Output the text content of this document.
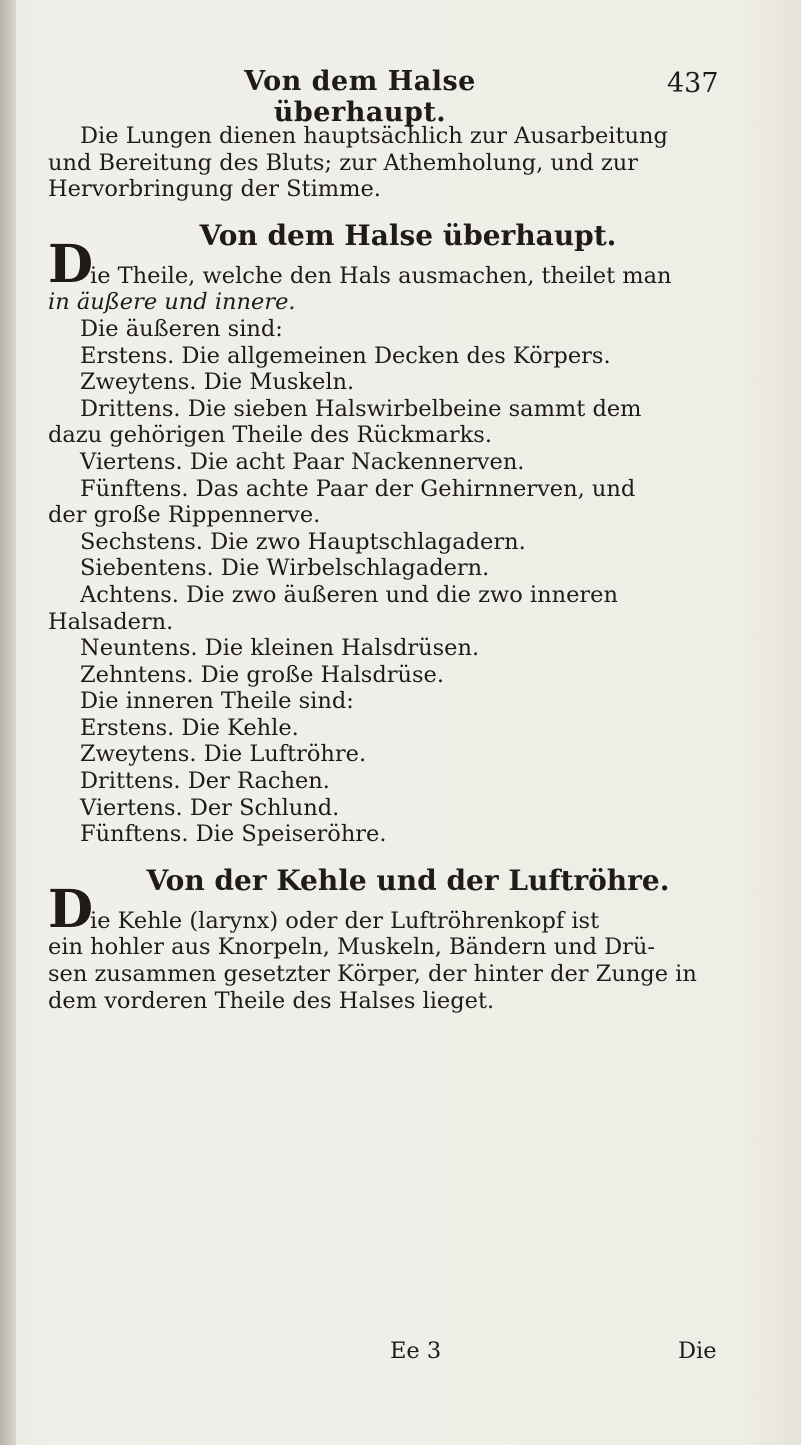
Von dem Halse überhaupt.
437
Die Lungen dienen hauptsächlich zur Ausarbeitung
und Bereitung des Bluts; zur Athemholung, und zur
Hervorbringung der Stimme.
Von dem Halse überhaupt.
D
ie Theile, welche den Hals ausmachen, theilet man
in äußere und innere.
Die äußeren sind:
Erstens. Die allgemeinen Decken des Körpers.
Zweytens. Die Muskeln.
Drittens. Die sieben Halswirbelbeine sammt dem
dazu gehörigen Theile des Rückmarks.
Viertens. Die acht Paar Nackennerven.
Fünftens. Das achte Paar der Gehirnnerven, und
der große Rippennerve.
Sechstens. Die zwo Hauptschlagadern.
Siebentens. Die Wirbelschlagadern.
Achtens. Die zwo äußeren und die zwo inneren
Halsadern.
Neuntens. Die kleinen Halsdrüsen.
Zehntens. Die große Halsdrüse.
Die inneren Theile sind:
Erstens. Die Kehle.
Zweytens. Die Luftröhre.
Drittens. Der Rachen.
Viertens. Der Schlund.
Fünftens. Die Speiseröhre.
Von der Kehle und der Luftröhre.
D
ie Kehle (larynx) oder der Luftröhrenkopf ist
ein hohler aus Knorpeln, Muskeln, Bändern und Drü-
sen zusammen gesetzter Körper, der hinter der Zunge in
dem vorderen Theile des Halses lieget.
Ee 3	Die
